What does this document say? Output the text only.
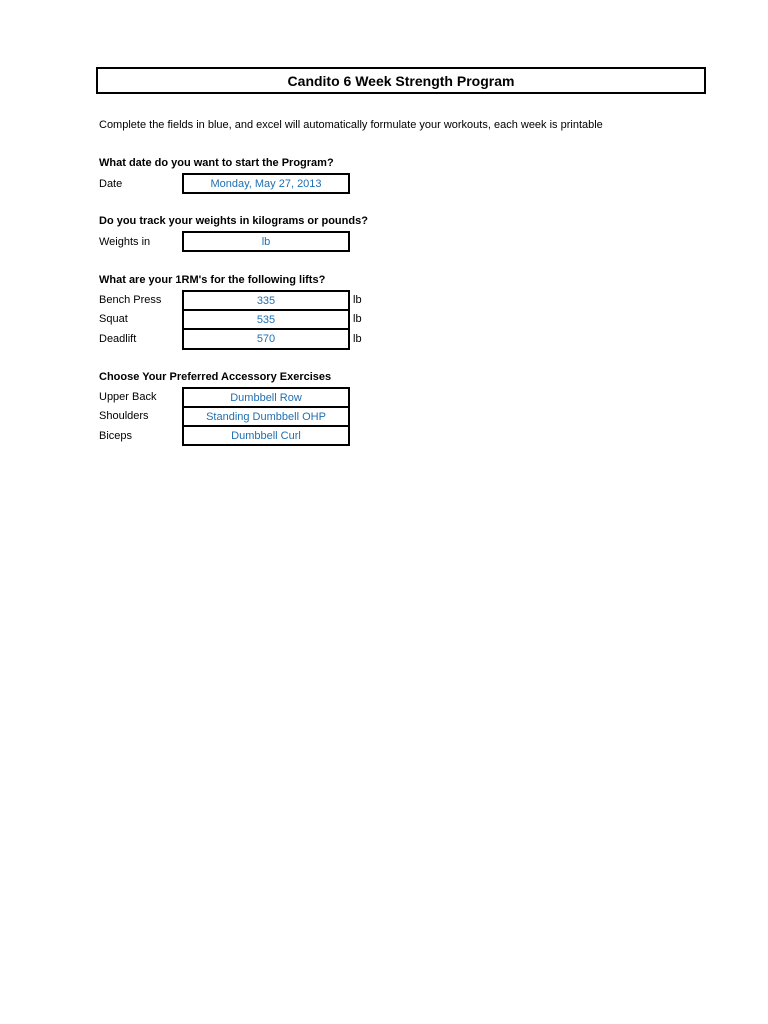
Candito 6 Week Strength Program
Complete the fields in blue, and excel will automatically formulate your workouts, each week is printable
What date do you want to start the Program?
Date	Monday, May 27, 2013
Do you track your weights in kilograms or pounds?
Weights in	lb
What are your 1RM's for the following lifts?
Bench Press	335	lb
Squat	535	lb
Deadlift	570	lb
Choose Your Preferred Accessory Exercises
Upper Back	Dumbbell Row
Shoulders	Standing Dumbbell OHP
Biceps	Dumbbell Curl
